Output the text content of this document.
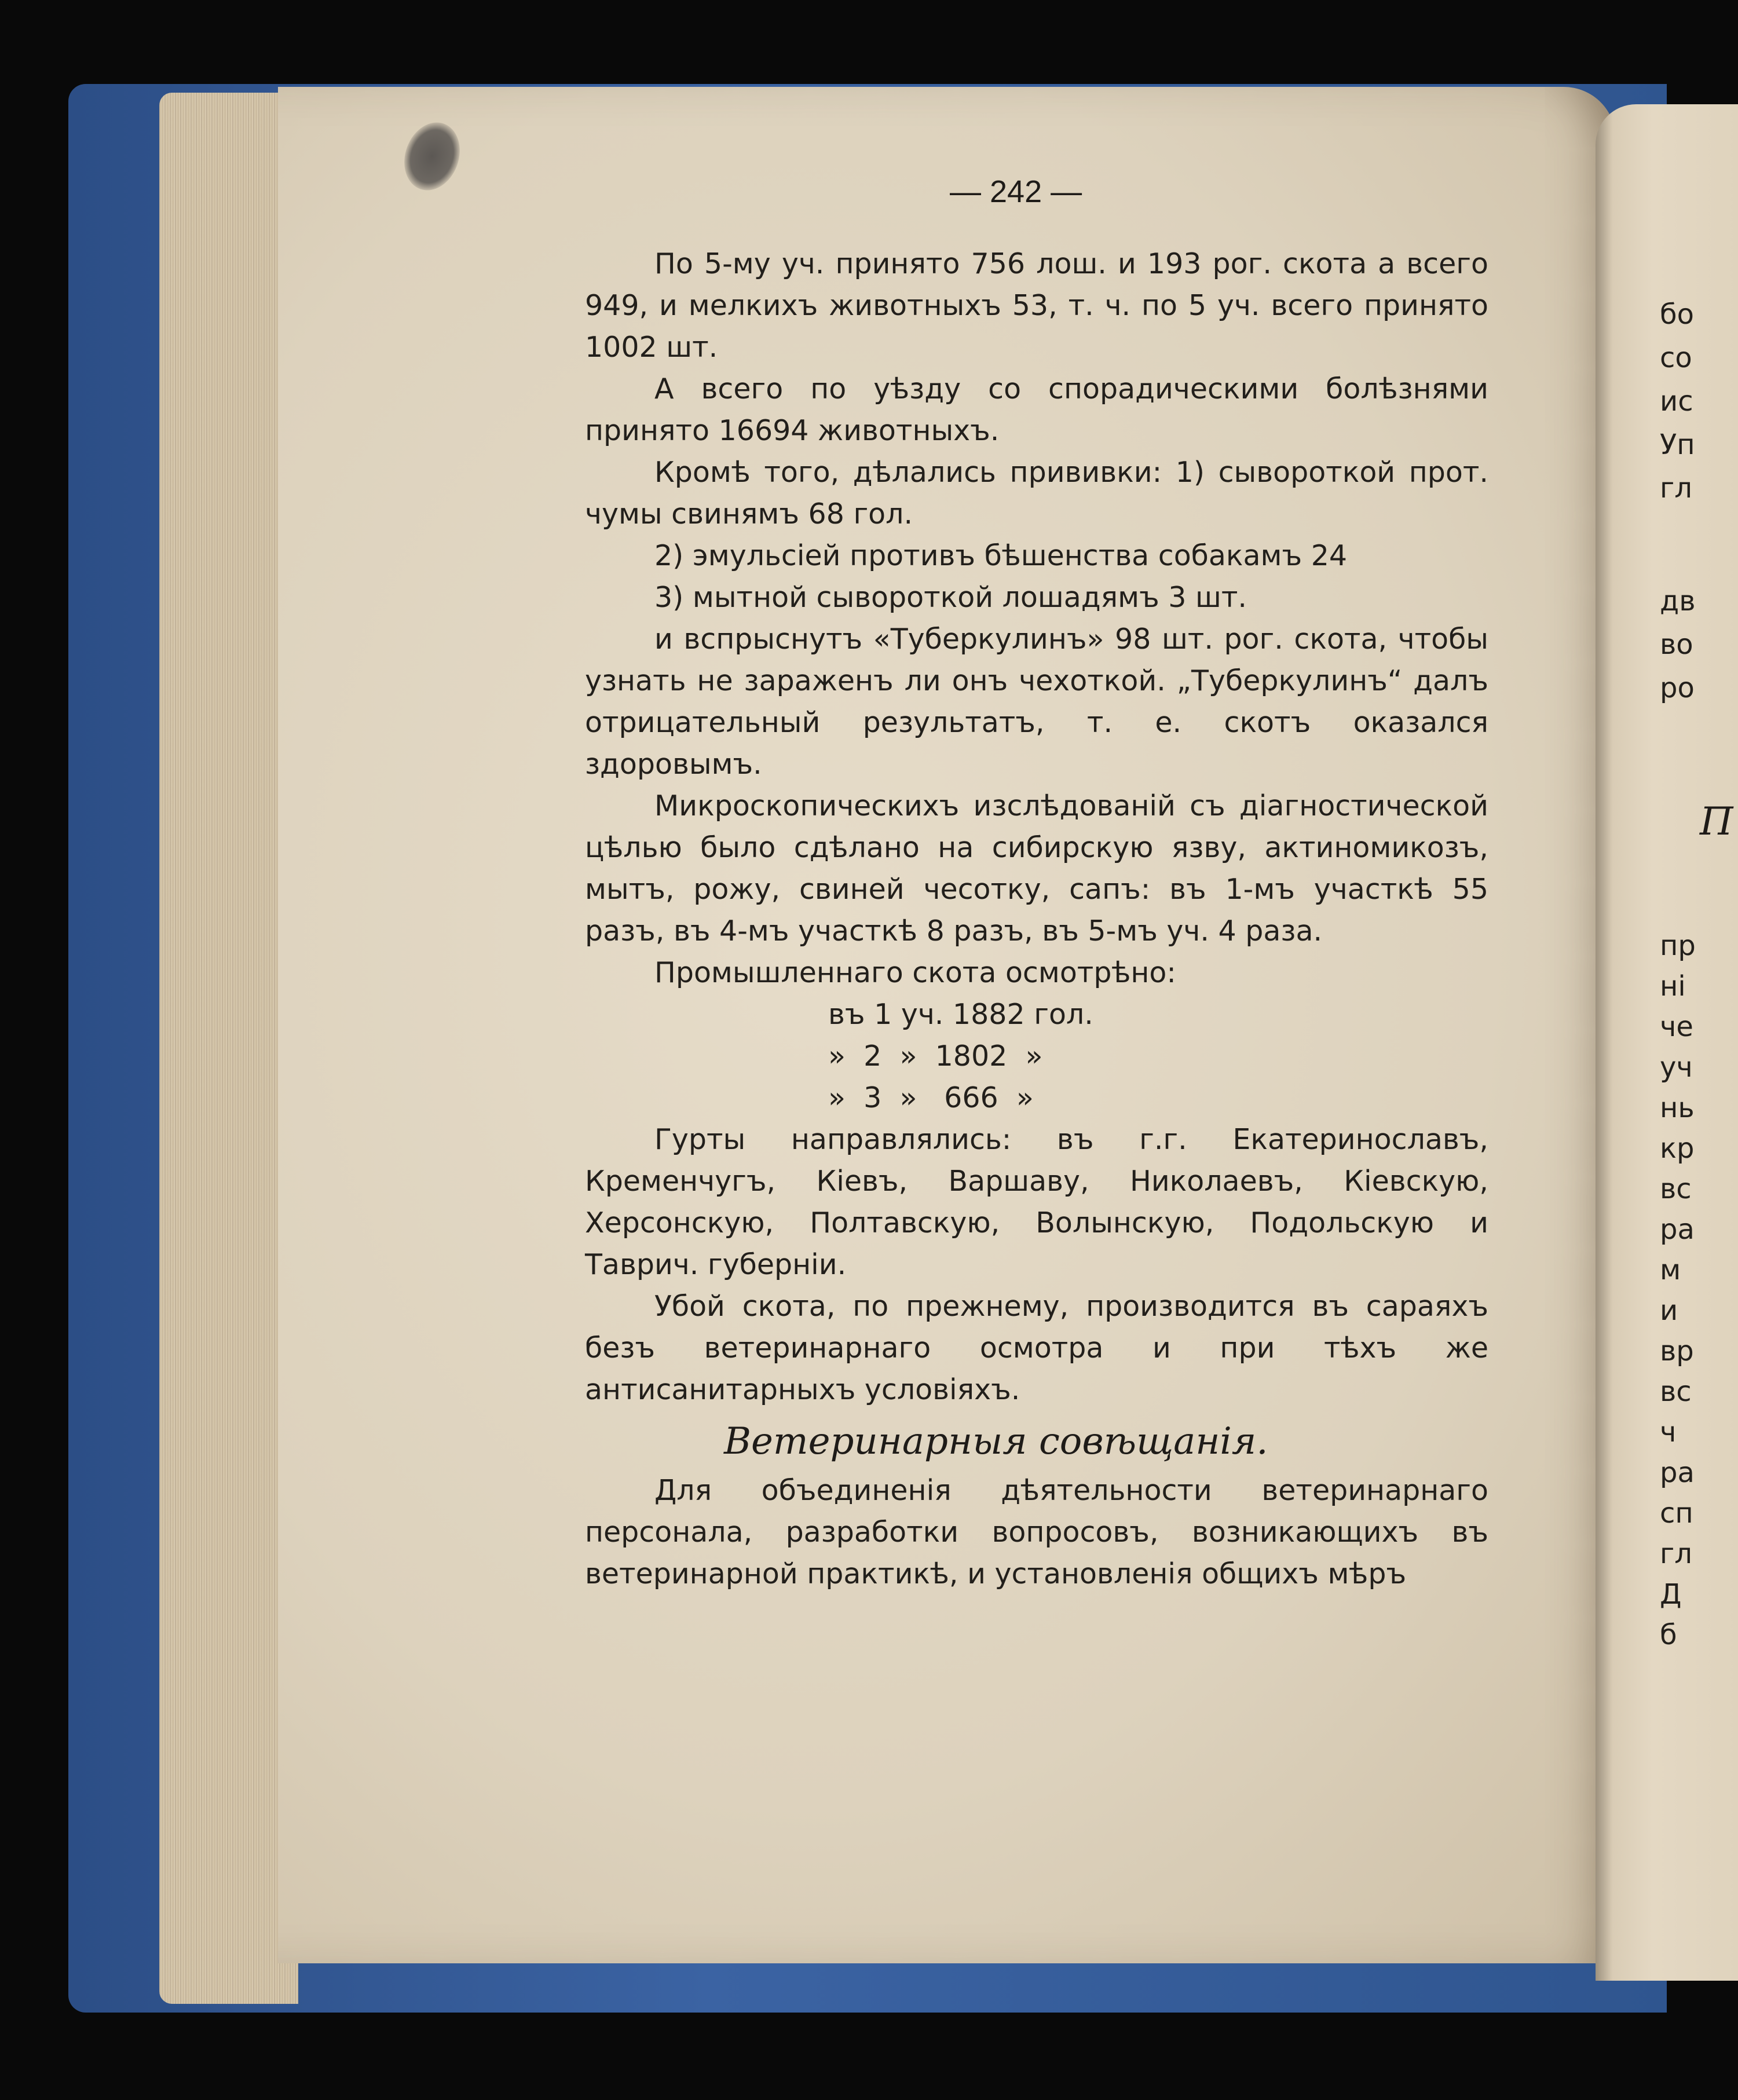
— 242 —

По 5-му уч. принято 756 лош. и 193 рог. скота а всего 949, и мелкихъ животныхъ 53, т. ч. по 5 уч. всего принято 1002 шт.

А всего по уѣзду со спорадическими болѣзнями принято 16694 животныхъ.

Кромѣ того, дѣлались прививки: 1) сывороткой прот. чумы свинямъ 68 гол.

2) эмульсiей противъ бѣшенства собакамъ 24

3) мытной сывороткой лошадямъ 3 шт.

и вспрыснутъ «Туберкулинъ» 98 шт. рог. скота, чтобы узнать не зараженъ ли онъ чехоткой. „Туберкулинъ“ далъ отрицательный результатъ, т. е. скотъ оказался здоровымъ.

Микроскопическихъ изслѣдованiй съ дiагностической цѣлью было сдѣлано на сибирскую язву, актиномикозъ, мытъ, рожу, свиней чесотку, сапъ: въ 1-мъ участкѣ 55 разъ, въ 4-мъ участкѣ 8 разъ, въ 5-мъ уч. 4 раза.

Промышленнаго скота осмотрѣно:

въ 1 уч. 1882 гол.
»  2  »  1802  »
»  3  »   666  »

Гурты направлялись: въ г.г. Екатеринославъ, Кременчугъ, Кiевъ, Варшаву, Николаевъ, Кiевскую, Херсонскую, Полтавскую, Волынскую, Подольскую и Таврич. губернiи.

Убой скота, по прежнему, производится въ сараяхъ безъ ветеринарнаго осмотра и при тѣхъ же антисанитарныхъ условiяхъ.

Ветеринарныя совѣщанiя.

Для объединенiя дѣятельности ветеринарнаго персонала, разработки вопросовъ, возникающихъ въ ветеринарной практикѣ, и установленiя общихъ мѣръ

бо
со
ис
Уп
гл
дв
во
ро
П
пр
ні
че
уч
нь
кр
вс
ра
м
и
вр
вс
ч
ра
сп
гл
Д
б
